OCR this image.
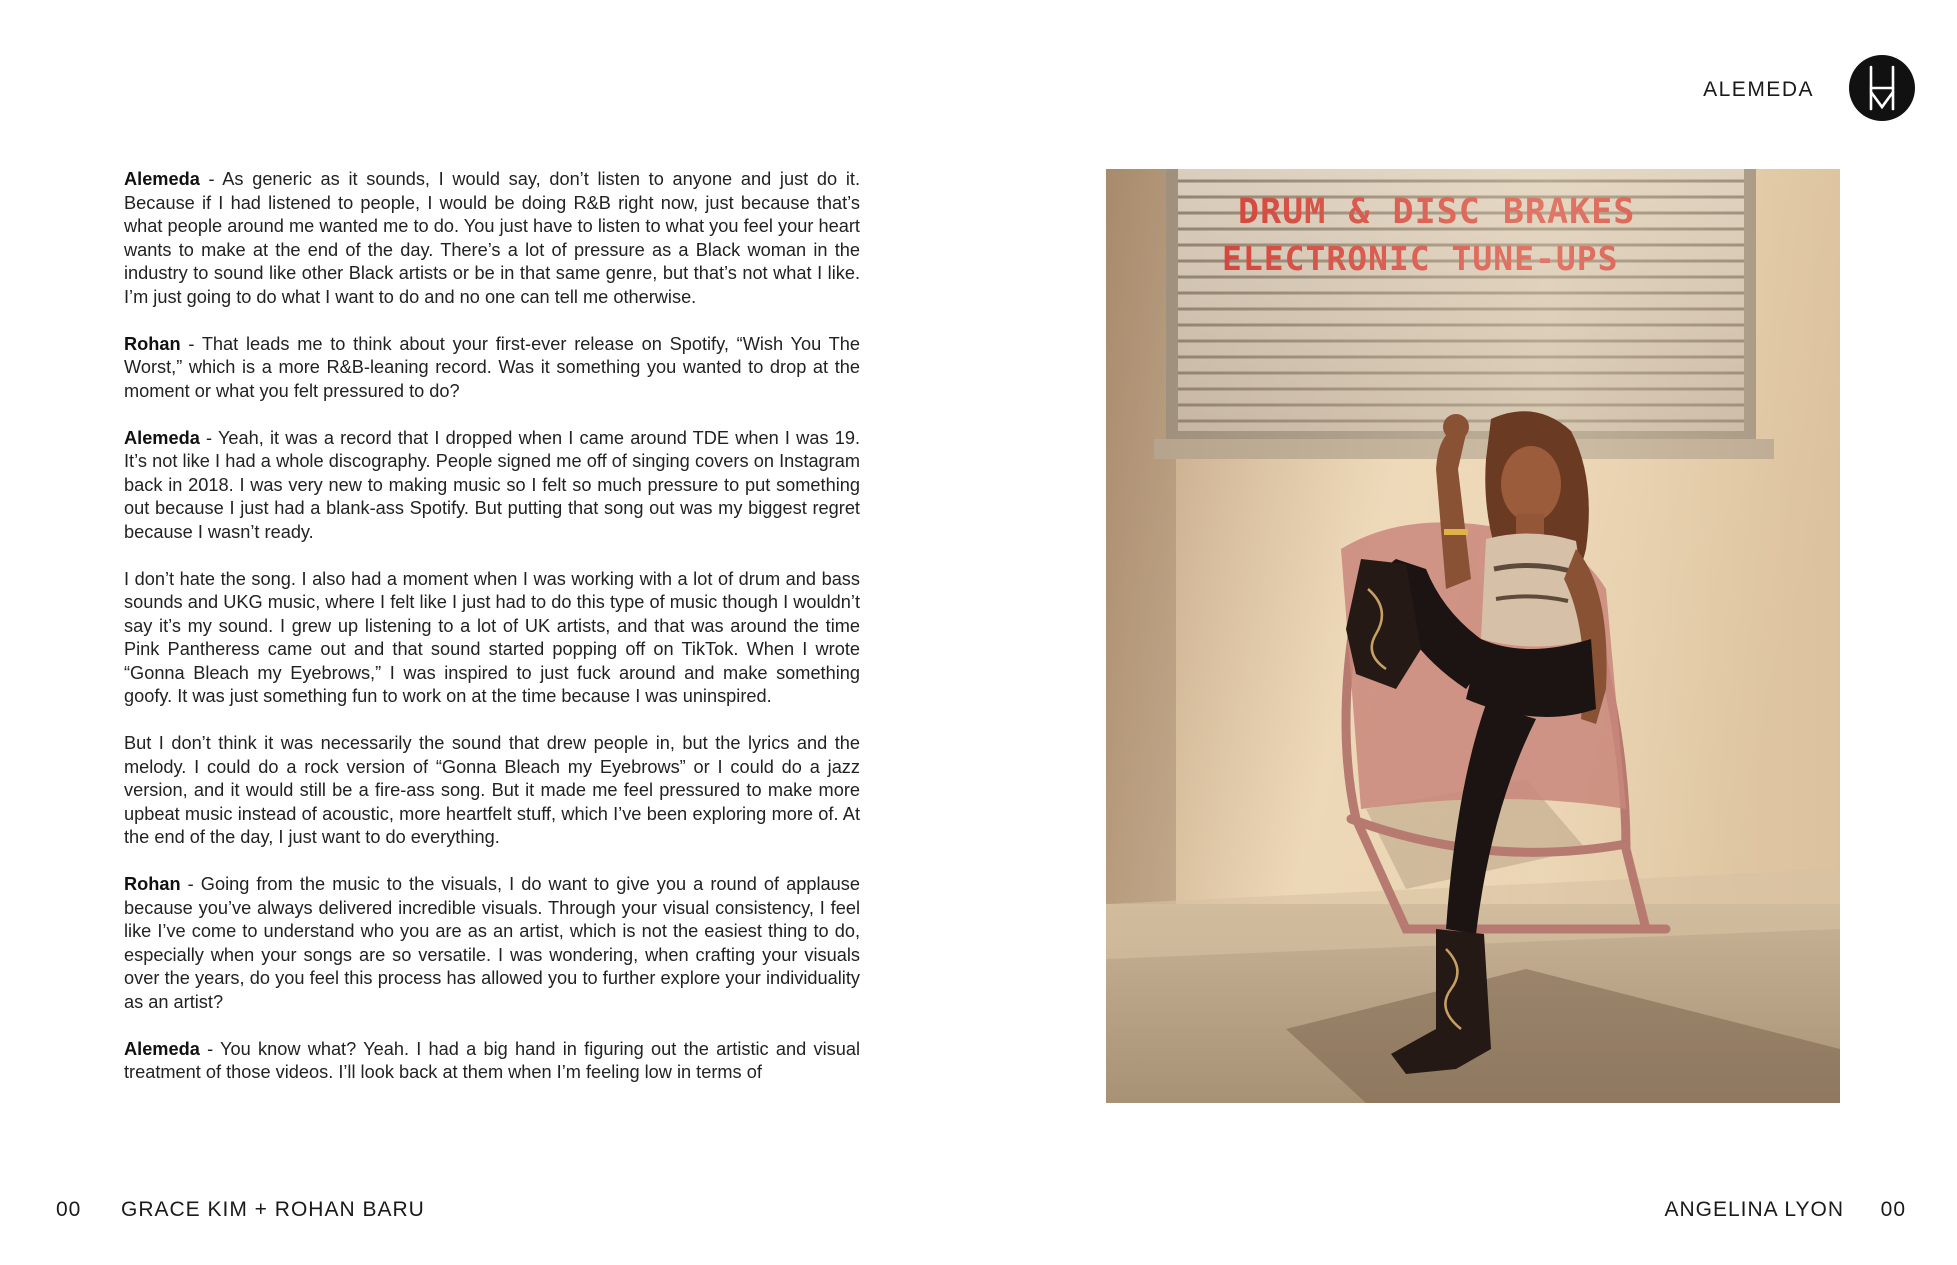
ALEMEDA

Alemeda - As generic as it sounds, I would say, don’t listen to anyone and just do it. Because if I had listened to people, I would be doing R&B right now, just because that’s what people around me wanted me to do. You just have to listen to what you feel your heart wants to make at the end of the day. There’s a lot of pressure as a Black woman in the industry to sound like other Black artists or be in that same genre, but that’s not what I like. I’m just going to do what I want to do and no one can tell me otherwise.

Rohan - That leads me to think about your first-ever release on Spotify, “Wish You The Worst,” which is a more R&B-leaning record. Was it something you wanted to drop at the moment or what you felt pressured to do?

Alemeda - Yeah, it was a record that I dropped when I came around TDE when I was 19. It’s not like I had a whole discography. People signed me off of singing covers on Instagram back in 2018. I was very new to making music so I felt so much pressure to put something out because I just had a blank-ass Spotify. But putting that song out was my biggest regret because I wasn’t ready.

I don’t hate the song. I also had a moment when I was working with a lot of drum and bass sounds and UKG music, where I felt like I just had to do this type of music though I wouldn’t say it’s my sound. I grew up listening to a lot of UK artists, and that was around the time Pink Pantheress came out and that sound started popping off on TikTok. When I wrote “Gonna Bleach my Eyebrows,” I was inspired to just fuck around and make something goofy. It was just something fun to work on at the time because I was uninspired.

But I don’t think it was necessarily the sound that drew people in, but the lyrics and the melody. I could do a rock version of “Gonna Bleach my Eyebrows” or I could do a jazz version, and it would still be a fire-ass song. But it made me feel pressured to make more upbeat music instead of acoustic, more heartfelt stuff, which I’ve been exploring more of. At the end of the day, I just want to do everything.

Rohan - Going from the music to the visuals, I do want to give you a round of applause because you’ve always delivered incredible visuals. Through your visual consistency, I feel like I’ve come to understand who you are as an artist, which is not the easiest thing to do, especially when your songs are so versatile. I was wondering, when crafting your visuals over the years, do you feel this process has allowed you to further explore your individuality as an artist?

Alemeda - You know what? Yeah. I had a big hand in figuring out the artistic and visual treatment of those videos. I’ll look back at them when I’m feeling low in terms of

00 GRACE KIM + ROHAN BARU	ANGELINA LYON 00
